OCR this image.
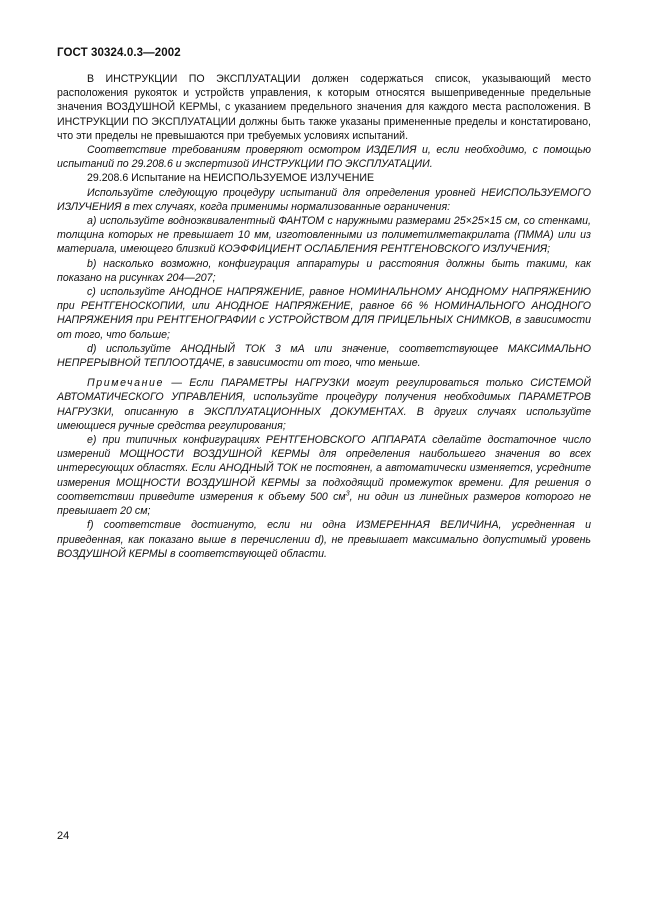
ГОСТ 30324.0.3—2002

В ИНСТРУКЦИИ ПО ЭКСПЛУАТАЦИИ должен содержаться список, указывающий место расположения рукояток и устройств управления, к которым относятся вышеприведенные предельные значения ВОЗДУШНОЙ КЕРМЫ, с указанием предельного значения для каждого места расположения. В ИНСТРУКЦИИ ПО ЭКСПЛУАТАЦИИ должны быть также указаны примененные пределы и констатировано, что эти пределы не превышаются при требуемых условиях испытаний.

Соответствие требованиям проверяют осмотром ИЗДЕЛИЯ и, если необходимо, с помощью испытаний по 29.208.6 и экспертизой ИНСТРУКЦИИ ПО ЭКСПЛУАТАЦИИ.

29.208.6 Испытание на НЕИСПОЛЬЗУЕМОЕ ИЗЛУЧЕНИЕ

Используйте следующую процедуру испытаний для определения уровней НЕИСПОЛЬЗУЕМОГО ИЗЛУЧЕНИЯ в тех случаях, когда применимы нормализованные ограничения:

а) используйте водноэквивалентный ФАНТОМ с наружными размерами 25×25×15 см, со стенками, толщина которых не превышает 10 мм, изготовленными из полиметилметакрилата (ПММА) или из материала, имеющего близкий КОЭФФИЦИЕНТ ОСЛАБЛЕНИЯ РЕНТГЕНОВСКОГО ИЗЛУЧЕНИЯ;

b) насколько возможно, конфигурация аппаратуры и расстояния должны быть такими, как показано на рисунках 204—207;

с) используйте АНОДНОЕ НАПРЯЖЕНИЕ, равное НОМИНАЛЬНОМУ АНОДНОМУ НАПРЯЖЕНИЮ при РЕНТГЕНОСКОПИИ, или АНОДНОЕ НАПРЯЖЕНИЕ, равное 66 % НОМИНАЛЬНОГО АНОДНОГО НАПРЯЖЕНИЯ при РЕНТГЕНОГРАФИИ с УСТРОЙСТВОМ ДЛЯ ПРИЦЕЛЬНЫХ СНИМКОВ, в зависимости от того, что больше;

d) используйте АНОДНЫЙ ТОК 3 мА или значение, соответствующее МАКСИМАЛЬНО НЕПРЕРЫВНОЙ ТЕПЛООТДАЧЕ, в зависимости от того, что меньше.

Примечание — Если ПАРАМЕТРЫ НАГРУЗКИ могут регулироваться только СИСТЕМОЙ АВТОМАТИЧЕСКОГО УПРАВЛЕНИЯ, используйте процедуру получения необходимых ПАРАМЕТРОВ НАГРУЗКИ, описанную в ЭКСПЛУАТАЦИОННЫХ ДОКУМЕНТАХ. В других случаях используйте имеющиеся ручные средства регулирования;

е) при типичных конфигурациях РЕНТГЕНОВСКОГО АППАРАТА сделайте достаточное число измерений МОЩНОСТИ ВОЗДУШНОЙ КЕРМЫ для определения наибольшего значения во всех интересующих областях. Если АНОДНЫЙ ТОК не постоянен, а автоматически изменяется, усредните измерения МОЩНОСТИ ВОЗДУШНОЙ КЕРМЫ за подходящий промежуток времени. Для решения о соответствии приведите измерения к объему 500 $см^3$, ни один из линейных размеров которого не превышает 20 см;

f) соответствие достигнуто, если ни одна ИЗМЕРЕННАЯ ВЕЛИЧИНА, усредненная и приведенная, как показано выше в перечислении d), не превышает максимально допустимый уровень ВОЗДУШНОЙ КЕРМЫ в соответствующей области.

24
